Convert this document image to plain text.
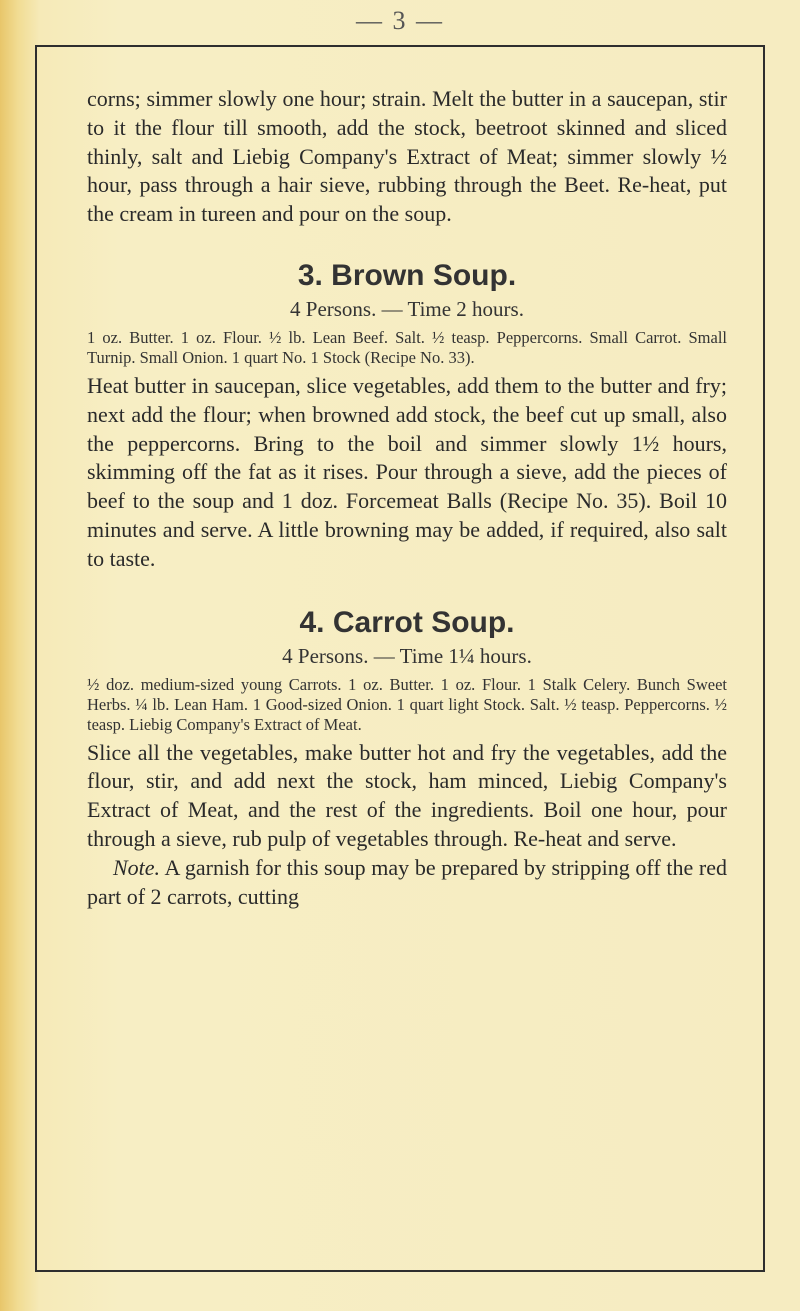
— 3 —

corns; simmer slowly one hour; strain. Melt the butter in a saucepan, stir to it the flour till smooth, add the stock, beetroot skinned and sliced thinly, salt and Liebig Company's Extract of Meat; simmer slowly ½ hour, pass through a hair sieve, rubbing through the Beet. Re-heat, put the cream in tureen and pour on the soup.

3. Brown Soup.

4 Persons. — Time 2 hours.

1 oz. Butter. 1 oz. Flour. ½ lb. Lean Beef. Salt. ½ teasp. Peppercorns. Small Carrot. Small Turnip. Small Onion. 1 quart No. 1 Stock (Recipe No. 33).

Heat butter in saucepan, slice vegetables, add them to the butter and fry; next add the flour; when browned add stock, the beef cut up small, also the peppercorns. Bring to the boil and simmer slowly 1½ hours, skimming off the fat as it rises. Pour through a sieve, add the pieces of beef to the soup and 1 doz. Forcemeat Balls (Recipe No. 35). Boil 10 minutes and serve. A little browning may be added, if required, also salt to taste.

4. Carrot Soup.

4 Persons. — Time 1¼ hours.

½ doz. medium-sized young Carrots. 1 oz. Butter. 1 oz. Flour. 1 Stalk Celery. Bunch Sweet Herbs. ¼ lb. Lean Ham. 1 Good-sized Onion. 1 quart light Stock. Salt. ½ teasp. Peppercorns. ½ teasp. Liebig Company's Extract of Meat.

Slice all the vegetables, make butter hot and fry the vegetables, add the flour, stir, and add next the stock, ham minced, Liebig Company's Extract of Meat, and the rest of the ingredients. Boil one hour, pour through a sieve, rub pulp of vegetables through. Re-heat and serve.

Note. A garnish for this soup may be prepared by stripping off the red part of 2 carrots, cutting
